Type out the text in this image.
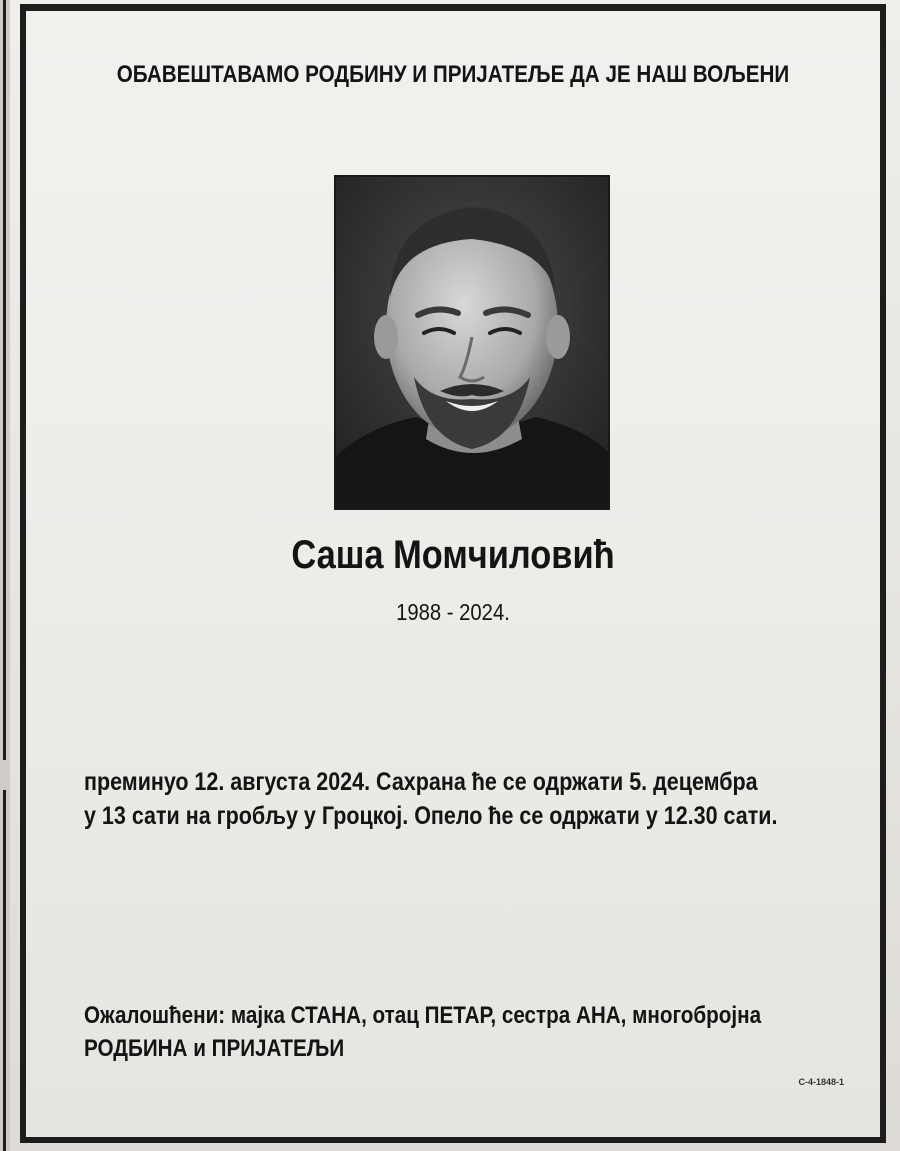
ОБАВЕШТАВАМО РОДБИНУ И ПРИЈАТЕЉЕ ДА ЈЕ НАШ ВОЉЕНИ
Саша Момчиловић
1988 - 2024.
преминуо 12. августа 2024. Сахрана ће се одржати 5. децембра
у 13 сати на гробљу у Гроцкој. Опело ће се одржати у 12.30 сати.
Ожалошћени: мајка СТАНА, отац ПЕТАР, сестра АНА, многобројна
РОДБИНА и ПРИЈАТЕЉИ
С-4-1848-1
